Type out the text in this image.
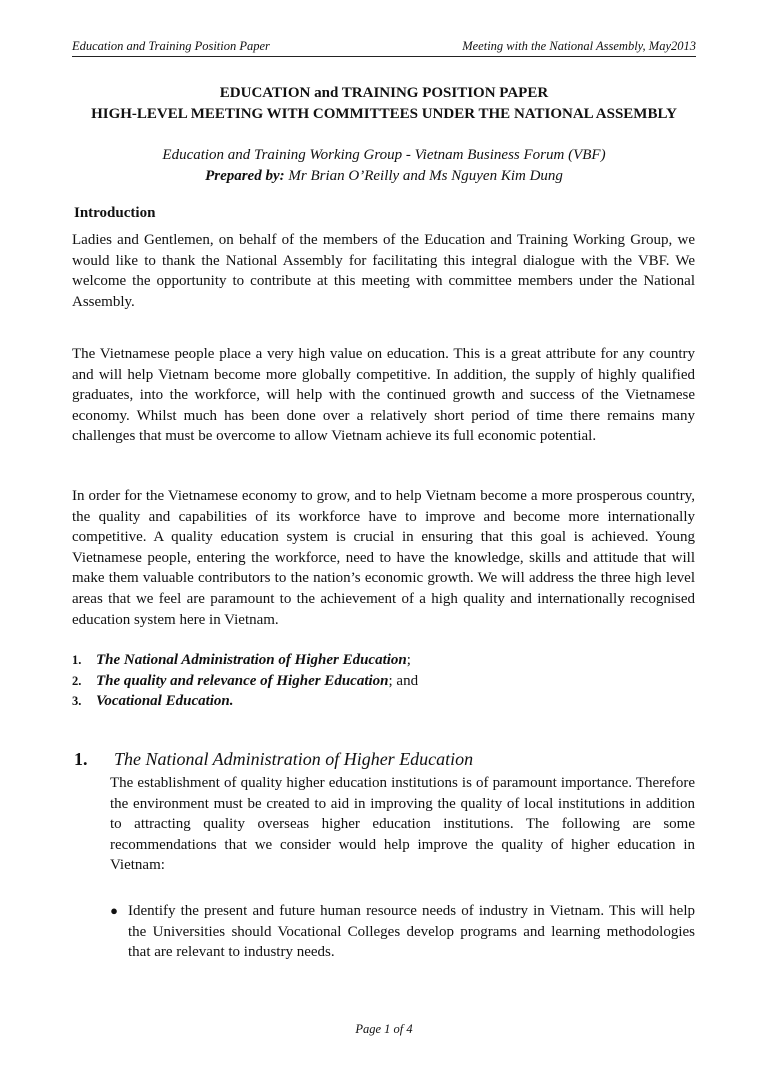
Education and Training Position Paper	Meeting with the National Assembly, May2013
EDUCATION and TRAINING POSITION PAPER
HIGH-LEVEL MEETING WITH COMMITTEES UNDER THE NATIONAL ASSEMBLY
Education and Training Working Group - Vietnam Business Forum (VBF)
Prepared by: Mr Brian O’Reilly and Ms Nguyen Kim Dung
Introduction

Ladies and Gentlemen, on behalf of the members of the Education and Training Working Group, we would like to thank the National Assembly for facilitating this integral dialogue with the VBF. We welcome the opportunity to contribute at this meeting with committee members under the National Assembly.

The Vietnamese people place a very high value on education. This is a great attribute for any country and will help Vietnam become more globally competitive. In addition, the supply of highly qualified graduates, into the workforce, will help with the continued growth and success of the Vietnamese economy. Whilst much has been done over a relatively short period of time there remains many challenges that must be overcome to allow Vietnam achieve its full economic potential.

In order for the Vietnamese economy to grow, and to help Vietnam become a more prosperous country, the quality and capabilities of its workforce have to improve and become more internationally competitive. A quality education system is crucial in ensuring that this goal is achieved. Young Vietnamese people, entering the workforce, need to have the knowledge, skills and attitude that will make them valuable contributors to the nation’s economic growth. We will address the three high level areas that we feel are paramount to the achievement of a high quality and internationally recognised education system here in Vietnam.

1. The National Administration of Higher Education;
2. The quality and relevance of Higher Education; and
3. Vocational Education.
1. The National Administration of Higher Education

The establishment of quality higher education institutions is of paramount importance. Therefore the environment must be created to aid in improving the quality of local institutions in addition to attracting quality overseas higher education institutions. The following are some recommendations that we consider would help improve the quality of higher education in Vietnam:

● Identify the present and future human resource needs of industry in Vietnam. This will help the Universities should Vocational Colleges develop programs and learning methodologies that are relevant to industry needs.
Page 1 of 4
